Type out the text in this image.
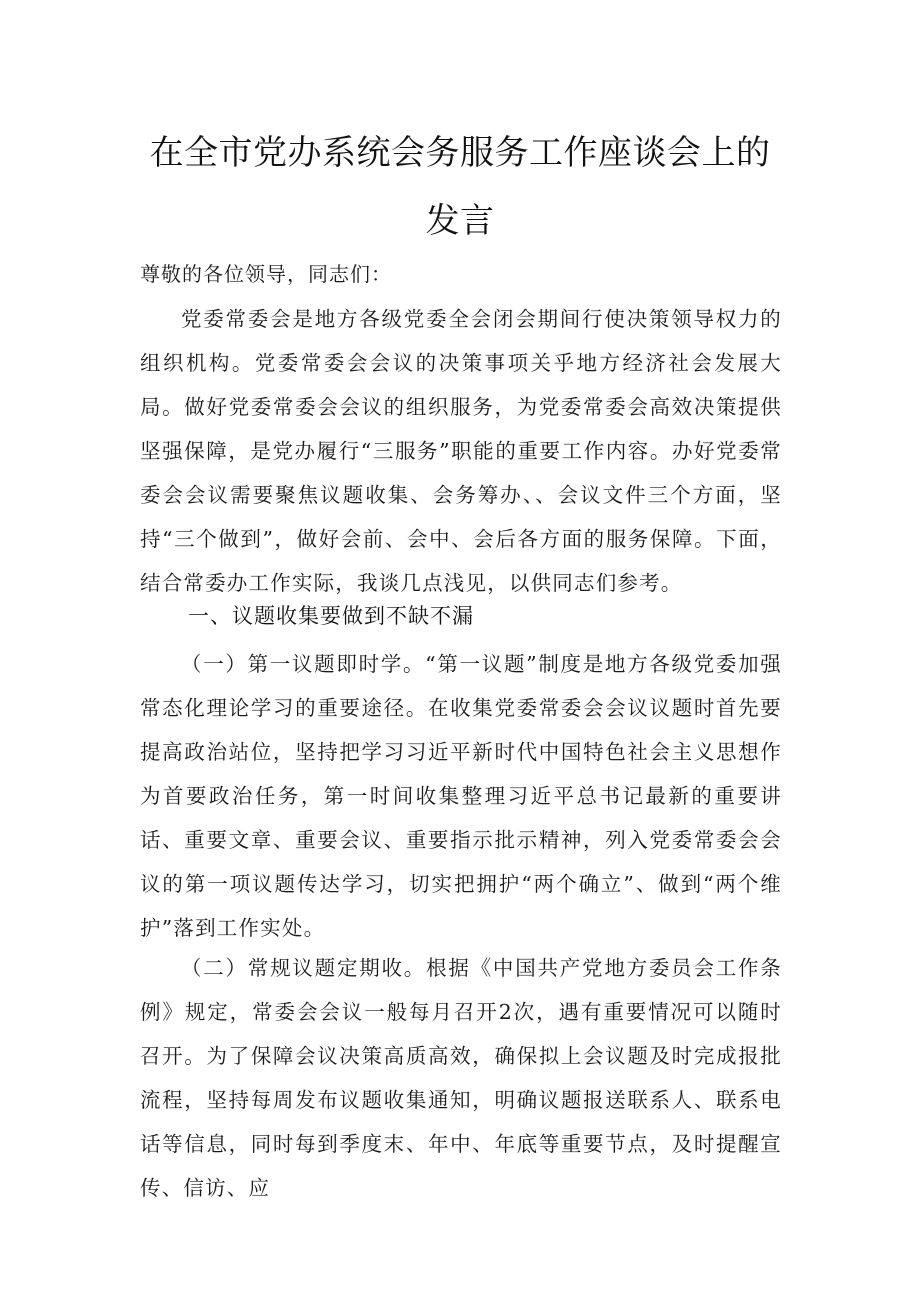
在全市党办系统会务服务工作座谈会上的
发言
尊敬的各位领导，同志们：

党委常委会是地方各级党委全会闭会期间行使决策领导权力的组织机构。党委常委会会议的决策事项关乎地方经济社会发展大局。做好党委常委会会议的组织服务，为党委常委会高效决策提供坚强保障，是党办履行“三服务”职能的重要工作内容。办好党委常委会会议需要聚焦议题收集、会务筹办、、会议文件三个方面，坚持“三个做到”，做好会前、会中、会后各方面的服务保障。下面，结合常委办工作实际，我谈几点浅见，以供同志们参考。

一、议题收集要做到不缺不漏

（一）第一议题即时学。“第一议题”制度是地方各级党委加强常态化理论学习的重要途径。在收集党委常委会会议议题时首先要提高政治站位，坚持把学习习近平新时代中国特色社会主义思想作为首要政治任务，第一时间收集整理习近平总书记最新的重要讲话、重要文章、重要会议、重要指示批示精神，列入党委常委会会议的第一项议题传达学习，切实把拥护“两个确立”、做到“两个维护”落到工作实处。

（二）常规议题定期收。根据《中国共产党地方委员会工作条例》规定，常委会会议一般每月召开2次，遇有重要情况可以随时召开。为了保障会议决策高质高效，确保拟上会议题及时完成报批流程，坚持每周发布议题收集通知，明确议题报送联系人、联系电话等信息，同时每到季度末、年中、年底等重要节点，及时提醒宣传、信访、应
